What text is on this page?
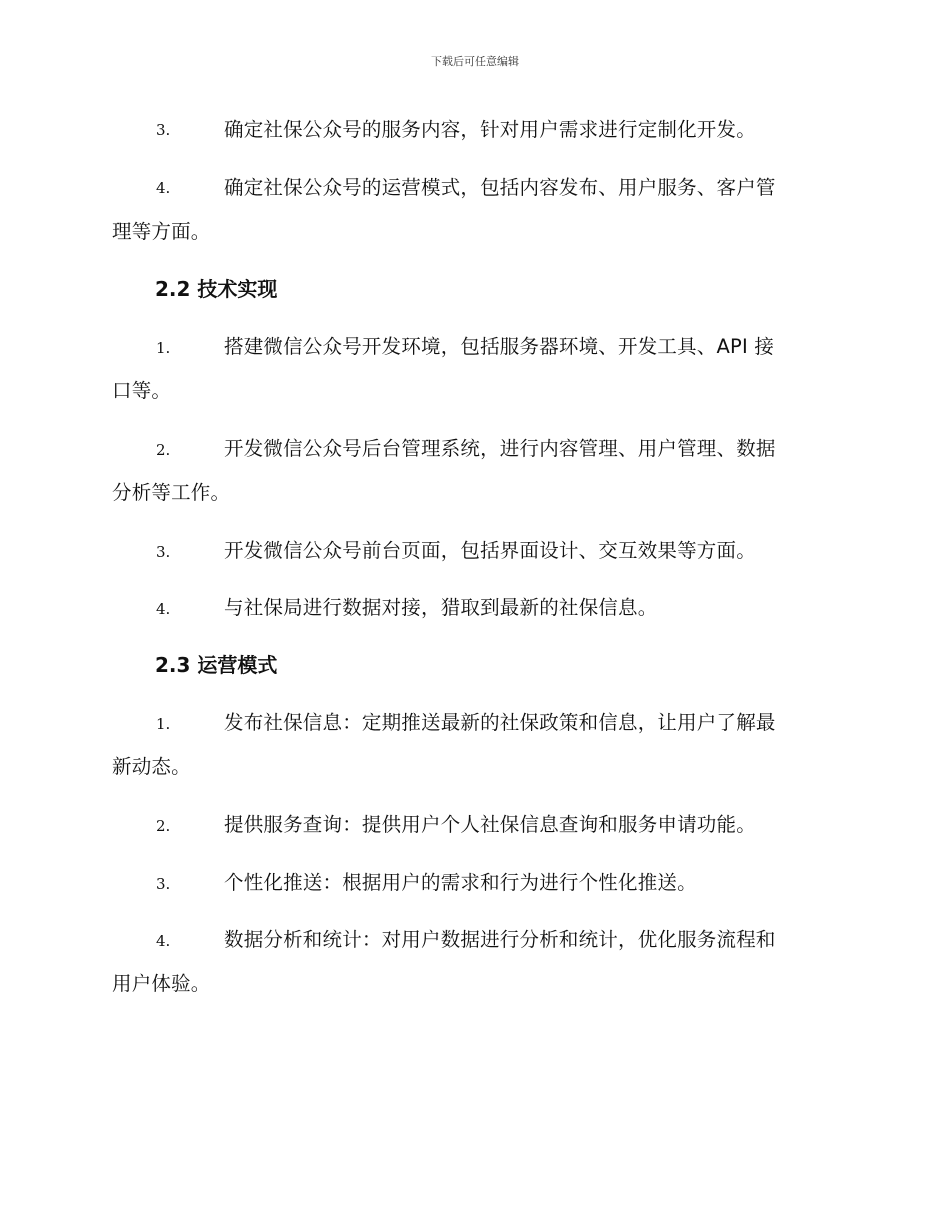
下载后可任意编辑
3.	确定社保公众号的服务内容，针对用户需求进行定制化开发。
4.	确定社保公众号的运营模式，包括内容发布、用户服务、客户管
理等方面。
2.2 技术实现
1.	搭建微信公众号开发环境，包括服务器环境、开发工具、API 接
口等。
2.	开发微信公众号后台管理系统，进行内容管理、用户管理、数据
分析等工作。
3.	开发微信公众号前台页面，包括界面设计、交互效果等方面。
4.	与社保局进行数据对接，猎取到最新的社保信息。
2.3 运营模式
1.	发布社保信息：定期推送最新的社保政策和信息，让用户了解最
新动态。
2.	提供服务查询：提供用户个人社保信息查询和服务申请功能。
3.	个性化推送：根据用户的需求和行为进行个性化推送。
4.	数据分析和统计：对用户数据进行分析和统计，优化服务流程和
用户体验。
